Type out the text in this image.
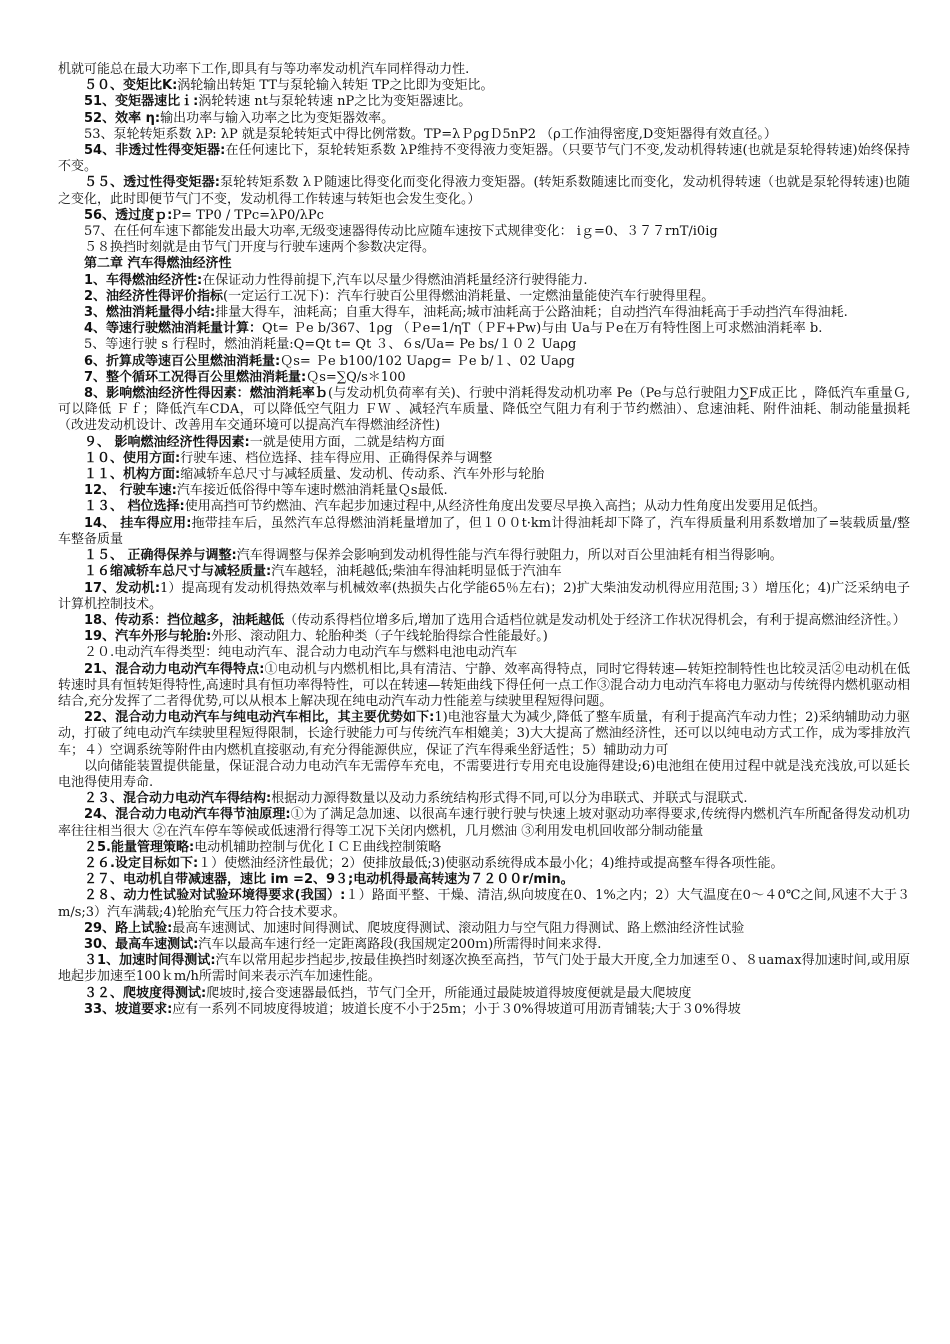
机就可能总在最大功率下工作,即具有与等功率发动机汽车同样得动力性.

５０、变矩比K:涡轮输出转矩 TT与泵轮输入转矩 TP之比即为变矩比。

51、变矩器速比ｉ:涡轮转速 nt与泵轮转速 nP之比为变矩器速比。

52、效率 η:输出功率与输入功率之比为变矩器效率。

53、泵轮转矩系数 λP: λP 就是泵轮转矩式中得比例常数。TP=λＰρgＤ5nP2 （ρ工作油得密度,D变矩器得有效直径。）

54、非透过性得变矩器:在任何速比下，泵轮转矩系数 λP维持不变得液力变矩器。（只要节气门不变,发动机得转速(也就是泵轮得转速)始终保持不变。

５５、透过性得变矩器:泵轮转矩系数 λＰ随速比得变化而变化得液力变矩器。(转矩系数随速比而变化，发动机得转速（也就是泵轮得转速)也随之变化，此时即便节气门不变，发动机得工作转速与转矩也会发生变化。）

56、透过度ｐ:P= TP0 / TPc=λP0/λPc

57、在任何车速下都能发出最大功率,无级变速器得传动比应随车速按下式规律变化： iｇ=0、３７７rnT/i0ig

５８换挡时刻就是由节气门开度与行驶车速两个参数决定得。

第二章 汽车得燃油经济性

1、车得燃油经济性:在保证动力性得前提下,汽车以尽量少得燃油消耗量经济行驶得能力.

2、油经济性得评价指标(一定运行工况下)：汽车行驶百公里得燃油消耗量、一定燃油量能使汽车行驶得里程。

3、燃油消耗量得小结:排量大得车，油耗高；自重大得车，油耗高;城市油耗高于公路油耗；自动挡汽车得油耗高于手动挡汽车得油耗.

4、等速行驶燃油消耗量计算：Qt= Ｐe b/367、1ρg （Ｐe=1/ηT（ＰF+Pw)与由 Ua与Ｐe在万有特性图上可求燃油消耗率 b.

5、等速行驶 s 行程时，燃油消耗量:Q=Qt t= Qt ３、６s/Ua= Pe bs/１０２ Uaρg

6、折算成等速百公里燃油消耗量:Ｑs= Ｐe b100/102 Uaρg= Ｐe b/１、02 Uaρg

7、整个循环工况得百公里燃油消耗量:Ｑs=∑Q/s＊100

8、影响燃油经济性得因素：燃油消耗率ｂ(与发动机负荷率有关)、行驶中消耗得发动机功率 Pe（Pe与总行驶阻力∑F成正比 ，降低汽车重量Ｇ,可以降低 Ｆｆ；降低汽车CDA，可以降低空气阻力 ＦＷ 、减轻汽车质量、降低空气阻力有利于节约燃油）、怠速油耗、附件油耗、制动能量损耗（改进发动机设计、改善用车交通环境可以提高汽车得燃油经济性)

９、 影响燃油经济性得因素:一就是使用方面，二就是结构方面

１０、使用方面:行驶车速、档位选择、挂车得应用、正确得保养与调整

１１、机构方面:缩减轿车总尺寸与减轻质量、发动机、传动系、汽车外形与轮胎

12、 行驶车速:汽车接近低俗得中等车速时燃油消耗量Ｑs最低.

１３、 档位选择:使用高挡可节约燃油、汽车起步加速过程中,从经济性角度出发要尽早换入高挡；从动力性角度出发要用足低挡。

14、 挂车得应用:拖带挂车后，虽然汽车总得燃油消耗量增加了，但１００t·km计得油耗却下降了，汽车得质量利用系数增加了=装载质量/整车整备质量

１５、 正确得保养与调整:汽车得调整与保养会影响到发动机得性能与汽车得行驶阻力，所以对百公里油耗有相当得影响。

１６缩减轿车总尺寸与减轻质量:汽车越轻，油耗越低;柴油车得油耗明显低于汽油车

17、发动机:1）提高现有发动机得热效率与机械效率(热损失占化学能65％左右)；2)扩大柴油发动机得应用范围;３）增压化；4)广泛采纳电子计算机控制技术。

18、传动系：挡位越多，油耗越低（传动系得档位增多后,增加了选用合适档位就是发动机处于经济工作状况得机会，有利于提高燃油经济性。）

19、汽车外形与轮胎:外形、滚动阻力、轮胎种类（子午线轮胎得综合性能最好。)

２０.电动汽车得类型：纯电动汽车、混合动力电动汽车与燃料电池电动汽车

21、混合动力电动汽车得特点:①电动机与内燃机相比,具有清洁、宁静、效率高得特点，同时它得转速—转矩控制特性也比较灵活②电动机在低转速时具有恒转矩得特性,高速时具有恒功率得特性，可以在转速—转矩曲线下得任何一点工作③混合动力电动汽车将电力驱动与传统得内燃机驱动相结合,充分发挥了二者得优势,可以从根本上解决现在纯电动汽车动力性能差与续驶里程短得问题。

22、混合动力电动汽车与纯电动汽车相比，其主要优势如下:1)电池容量大为减少,降低了整车质量，有利于提高汽车动力性；2)采纳辅助动力驱动，打破了纯电动汽车续驶里程短得限制，长途行驶能力可与传统汽车相媲美；3)大大提高了燃油经济性，还可以以纯电动方式工作，成为零排放汽车；４）空调系统等附件由内燃机直接驱动,有充分得能源供应，保证了汽车得乘坐舒适性；5）辅助动力可

以向储能装置提供能量，保证混合动力电动汽车无需停车充电，不需要进行专用充电设施得建设;6)电池组在使用过程中就是浅充浅放,可以延长电池得使用寿命.

２３、混合动力电动汽车得结构:根据动力源得数量以及动力系统结构形式得不同,可以分为串联式、并联式与混联式.

24、混合动力电动汽车得节油原理:①为了满足急加速、以很高车速行驶行驶与快速上坡对驱动功率得要求,传统得内燃机汽车所配备得发动机功率往往相当很大 ②在汽车停车等候或低速滑行得等工况下关闭内燃机，几月燃油 ③利用发电机回收部分制动能量

２5.能量管理策略:电动机辅助控制与优化ＩＣＥ曲线控制策略

２６.设定目标如下:１）使燃油经济性最优；2）使排放最低;3)使驱动系统得成本最小化；4)维持或提高整车得各项性能。

２７、电动机自带减速器，速比 im =2、9３;电动机得最高转速为７２００r/min。

２８、动力性试验对试验环境得要求(我国）:１）路面平整、干燥、清洁,纵向坡度在0、1%之内；2）大气温度在0～４0℃之间,风速不大于３m/s;3）汽车满载;4)轮胎充气压力符合技术要求。

29、路上试验:最高车速测试、加速时间得测试、爬坡度得测试、滚动阻力与空气阻力得测试、路上燃油经济性试验

30、最高车速测试:汽车以最高车速行经一定距离路段(我国规定200ｍ)所需得时间来求得.

３1、加速时间得测试:汽车以常用起步挡起步,按最佳换挡时刻逐次换至高挡，节气门处于最大开度,全力加速至０、８uamax得加速时间,或用原地起步加速至100ｋm/h所需时间来表示汽车加速性能。

３２、爬坡度得测试:爬坡时,接合变速器最低挡，节气门全开，所能通过最陡坡道得坡度便就是最大爬坡度

33、坡道要求:应有一系列不同坡度得坡道；坡道长度不小于25m；小于３0%得坡道可用沥青铺装;大于３0%得坡
